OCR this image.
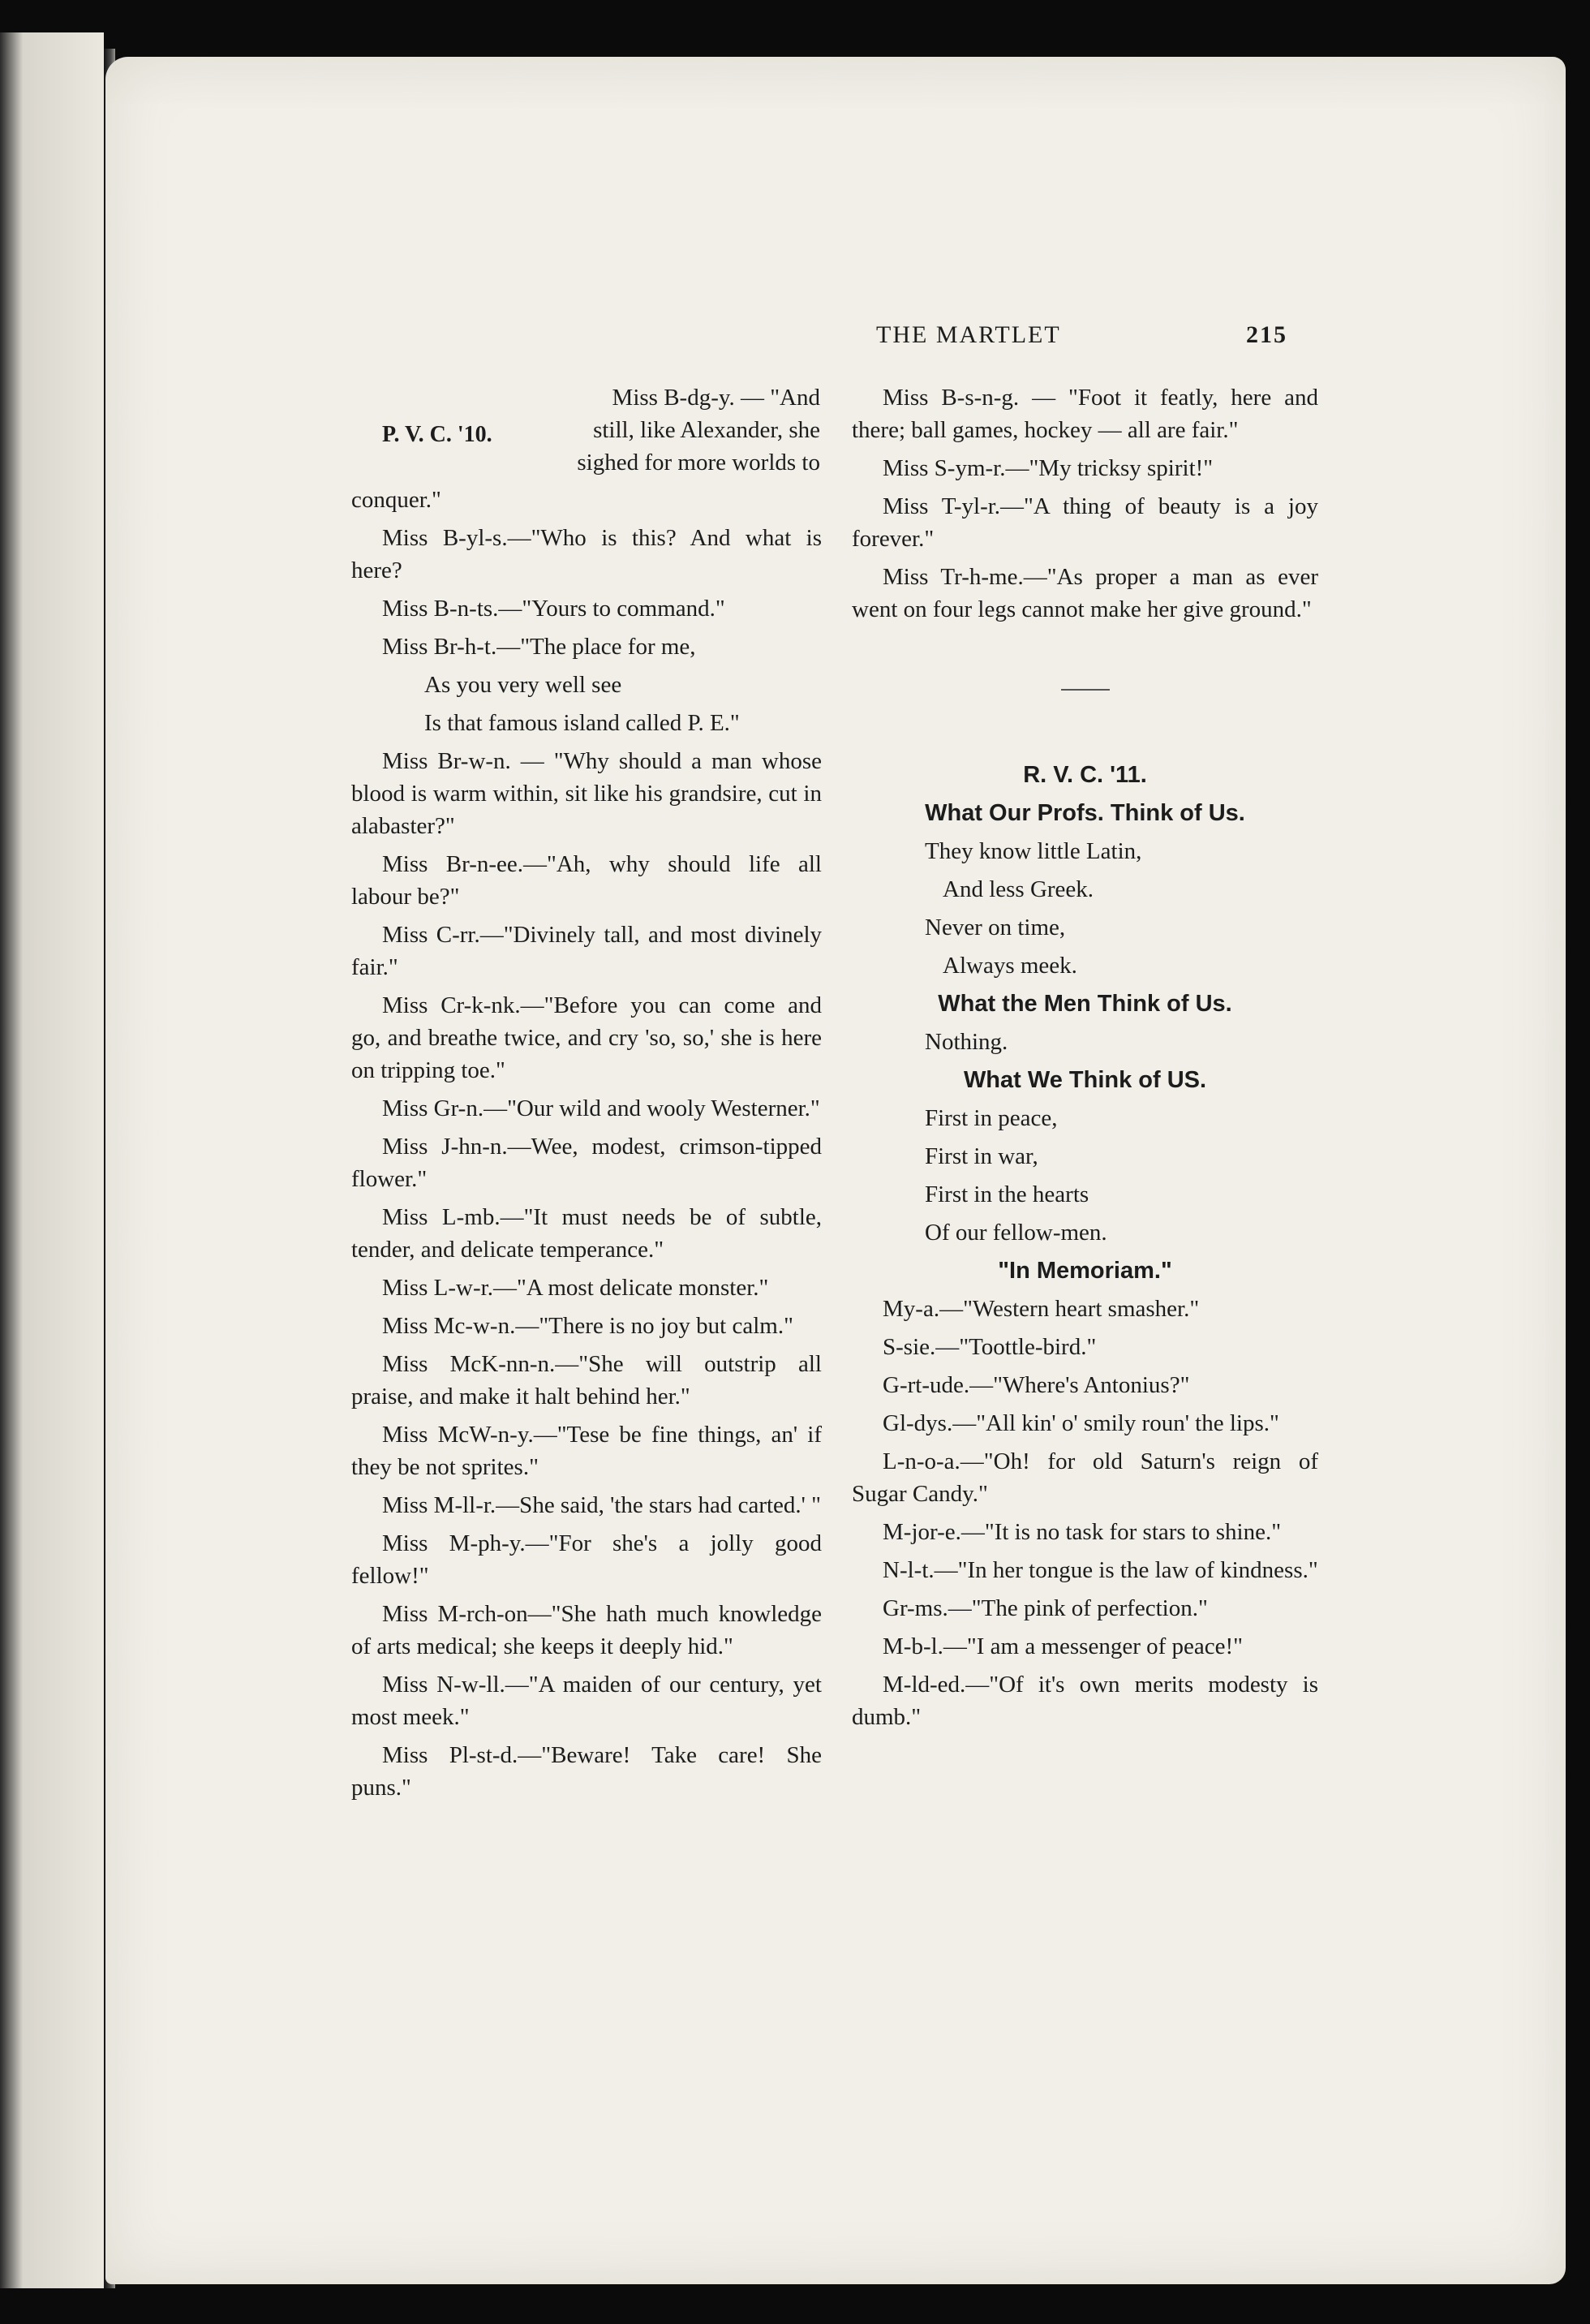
THE MARTLET	215
P. V. C. '10.
Miss B-dg-y. — "And
still, like Alexander, she
sighed for more worlds to

conquer."

Miss B-yl-s.—"Who is this? And what is here?

Miss B-n-ts.—"Yours to command."

Miss Br-h-t.—"The place for me,

As you very well see

Is that famous island called P. E."

Miss Br-w-n. — "Why should a man whose blood is warm within, sit like his grandsire, cut in alabaster?"

Miss Br-n-ee.—"Ah, why should life all labour be?"

Miss C-rr.—"Divinely tall, and most divinely fair."

Miss Cr-k-nk.—"Before you can come and go, and breathe twice, and cry 'so, so,' she is here on tripping toe."

Miss Gr-n.—"Our wild and wooly Westerner."

Miss J-hn-n.—Wee, modest, crimson-tipped flower."

Miss L-mb.—"It must needs be of subtle, tender, and delicate temperance."

Miss L-w-r.—"A most delicate monster."

Miss Mc-w-n.—"There is no joy but calm."

Miss McK-nn-n.—"She will outstrip all praise, and make it halt behind her."

Miss McW-n-y.—"Tese be fine things, an' if they be not sprites."

Miss M-ll-r.—She said, 'the stars had carted.' "

Miss M-ph-y.—"For she's a jolly good fellow!"

Miss M-rch-on—"She hath much knowledge of arts medical; she keeps it deeply hid."

Miss N-w-ll.—"A maiden of our century, yet most meek."

Miss Pl-st-d.—"Beware! Take care! She puns."

Miss B-s-n-g. — "Foot it featly, here and there; ball games, hockey — all are fair."

Miss S-ym-r.—"My tricksy spirit!"

Miss T-yl-r.—"A thing of beauty is a joy forever."

Miss Tr-h-me.—"As proper a man as ever went on four legs cannot make her give ground."

R. V. C. '11.

What Our Profs. Think of Us.

They know little Latin,

And less Greek.

Never on time,

Always meek.

What the Men Think of Us.

Nothing.

What We Think of US.

First in peace,

First in war,

First in the hearts

Of our fellow-men.

"In Memoriam."

My-a.—"Western heart smasher."

S-sie.—"Toottle-bird."

G-rt-ude.—"Where's Antonius?"

Gl-dys.—"All kin' o' smily roun' the lips."

L-n-o-a.—"Oh! for old Saturn's reign of Sugar Candy."

M-jor-e.—"It is no task for stars to shine."

N-l-t.—"In her tongue is the law of kindness."

Gr-ms.—"The pink of perfection."

M-b-l.—"I am a messenger of peace!"

M-ld-ed.—"Of it's own merits modesty is dumb."
